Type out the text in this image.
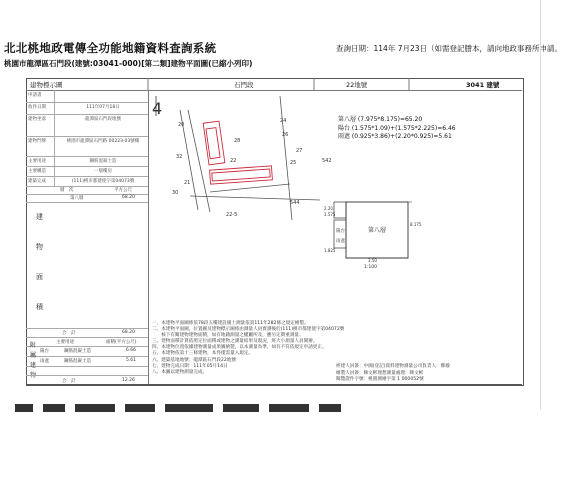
北北桃地政電傳全功能地籍資料查詢系統	查詢日期：114年 7月23日（如需登記謄本，請向地政事務所申請。
桃園市龍潭區石門段(建號:03041-000)[第二類]建物平面圖(已縮小列印)
建物標示圖	石門段	22地號	3041 建號
申請書
收件日期	111年07月18日
建物坐落	龍潭區石門段地號
建物門牌	桃園市龍潭區石門路 00223-03號樓
主要用途	鋼筋混凝土造
主要構造	一層樓房
建築完成	(111)桃市都建使字第04073號
層　次	平方公尺
第八層	68.20
建
物
面
積
合　計	68.20
主要用途	面積(平方公尺)
陽台	鋼筋混凝土造	6.66
雨遮	鋼筋混凝土造	5.61
附
屬
建
物
合　計	12.26
4
20
24
26
27
28
32
22	25
544
542
22-5
30
21
第八層 (7.975*8.175)=65.20
陽台 (1.575*1.09)+(1.575*2.225)=6.46
雨遮 (0.925*3.86)+(2.20*0.925)=5.61
第八層
陽台
雨遮
1:100
8.175
3.50
2.20
1.575
1.825
一、本建物平面圖係依78段五樓建設國土測量依第111年282條之規定繪製。
二、本建物平面圖，位置圖及建物標示圖係由測量人員實測後於(111)桃市都建使字第04072號
　　核下有關建物建物面積，如有地籍測量之權屬所及，應另定期重測量。
三、建物面積計算依照定位面積或建物之測量結果及現況，經大小測量人員開辦。
四、本建物位置依據建物測量成果圖繪製，以本測量為準，如有不符依規定申請更正。
五、本建物依第十三條建物，本件僅需量入規定。
六、建築基地地號：龍潭區石門段22地號
七、建物完成日期：111年05月14日
八、本圖以建物測量完成。
經建人員簽：中國(登記)資料建物測量公司負責人：鄭璇
繪製人員簽：陳文彬理想測量處理：陳文彬
閱覽證件字號：桃園測繪字第 1 000052號
